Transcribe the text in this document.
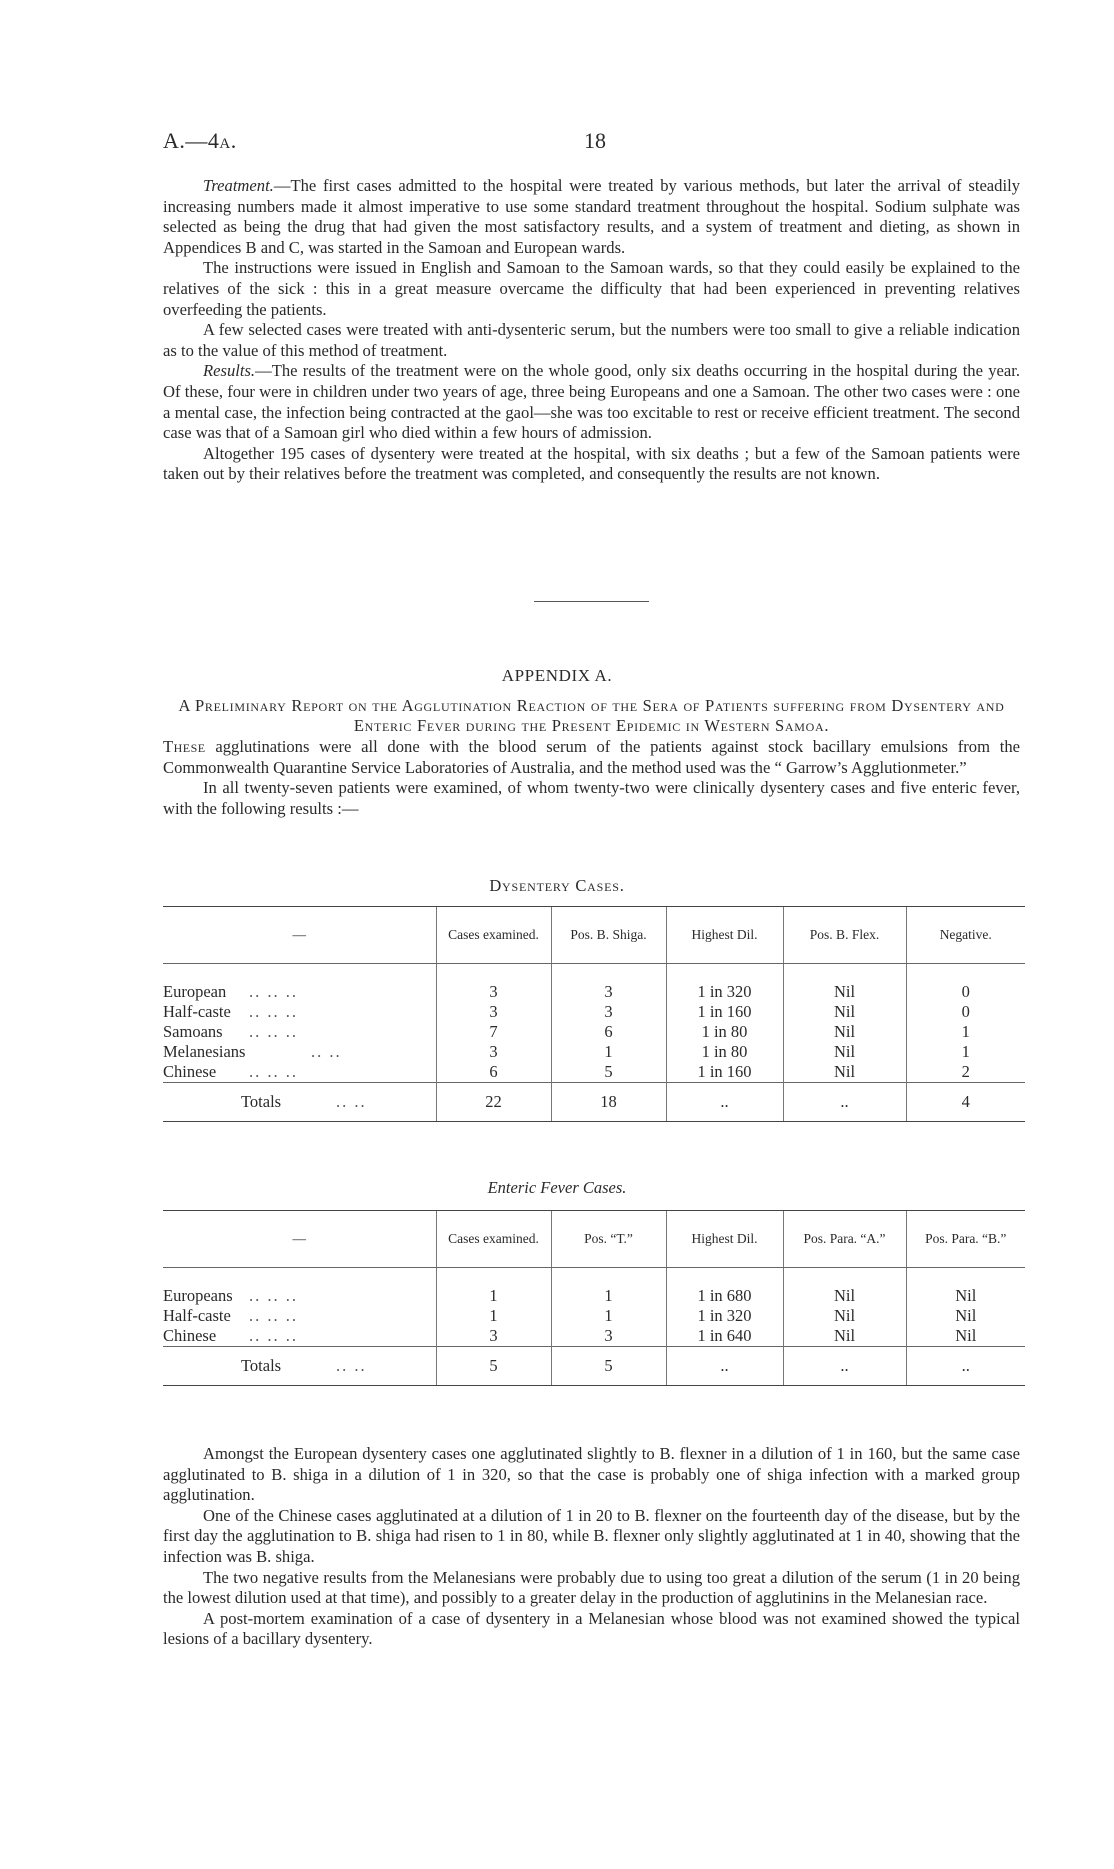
A.—4A.	18

Treatment.—The first cases admitted to the hospital were treated by various methods, but later the arrival of steadily increasing numbers made it almost imperative to use some standard treatment throughout the hospital. Sodium sulphate was selected as being the drug that had given the most satisfactory results, and a system of treatment and dieting, as shown in Appendices B and C, was started in the Samoan and European wards.

The instructions were issued in English and Samoan to the Samoan wards, so that they could easily be explained to the relatives of the sick : this in a great measure overcame the difficulty that had been experienced in preventing relatives overfeeding the patients.

A few selected cases were treated with anti-dysenteric serum, but the numbers were too small to give a reliable indication as to the value of this method of treatment.

Results.—The results of the treatment were on the whole good, only six deaths occurring in the hospital during the year. Of these, four were in children under two years of age, three being Europeans and one a Samoan. The other two cases were : one a mental case, the infection being contracted at the gaol—she was too excitable to rest or receive efficient treatment. The second case was that of a Samoan girl who died within a few hours of admission.

Altogether 195 cases of dysentery were treated at the hospital, with six deaths ; but a few of the Samoan patients were taken out by their relatives before the treatment was completed, and consequently the results are not known.

APPENDIX A.
A Preliminary Report on the Agglutination Reaction of the Sera of Patients suffering from Dysentery and Enteric Fever during the Present Epidemic in Western Samoa.

These agglutinations were all done with the blood serum of the patients against stock bacillary emulsions from the Commonwealth Quarantine Service Laboratories of Australia, and the method used was the “ Garrow’s Agglutionmeter.”

In all twenty-seven patients were examined, of whom twenty-two were clinically dysentery cases and five enteric fever, with the following results :—

Dysentery Cases.
—	Cases examined.	Pos. B. Shiga.	Highest Dil.	Pos. B. Flex.	Negative.

European .. .. ..	3	3	1 in 320	Nil	0
Half-caste .. .. ..	3	3	1 in 160	Nil	0
Samoans .. .. ..	7	6	1 in 80	Nil	1
Melanesians .. ..	3	1	1 in 80	Nil	1
Chinese .. .. ..	6	5	1 in 160	Nil	2
Totals .. ..	22	18	..	..	4
Enteric Fever Cases.
—	Cases examined.	Pos. “T.”	Highest Dil.	Pos. Para. “A.”	Pos. Para. “B.”

Europeans .. .. ..	1	1	1 in 680	Nil	Nil
Half-caste .. .. ..	1	1	1 in 320	Nil	Nil
Chinese .. .. ..	3	3	1 in 640	Nil	Nil
Totals .. ..	5	5	..	..	..

Amongst the European dysentery cases one agglutinated slightly to B. flexner in a dilution of 1 in 160, but the same case agglutinated to B. shiga in a dilution of 1 in 320, so that the case is probably one of shiga infection with a marked group agglutination.

One of the Chinese cases agglutinated at a dilution of 1 in 20 to B. flexner on the fourteenth day of the disease, but by the first day the agglutination to B. shiga had risen to 1 in 80, while B. flexner only slightly agglutinated at 1 in 40, showing that the infection was B. shiga.

The two negative results from the Melanesians were probably due to using too great a dilution of the serum (1 in 20 being the lowest dilution used at that time), and possibly to a greater delay in the production of agglutinins in the Melanesian race.

A post-mortem examination of a case of dysentery in a Melanesian whose blood was not examined showed the typical lesions of a bacillary dysentery.
